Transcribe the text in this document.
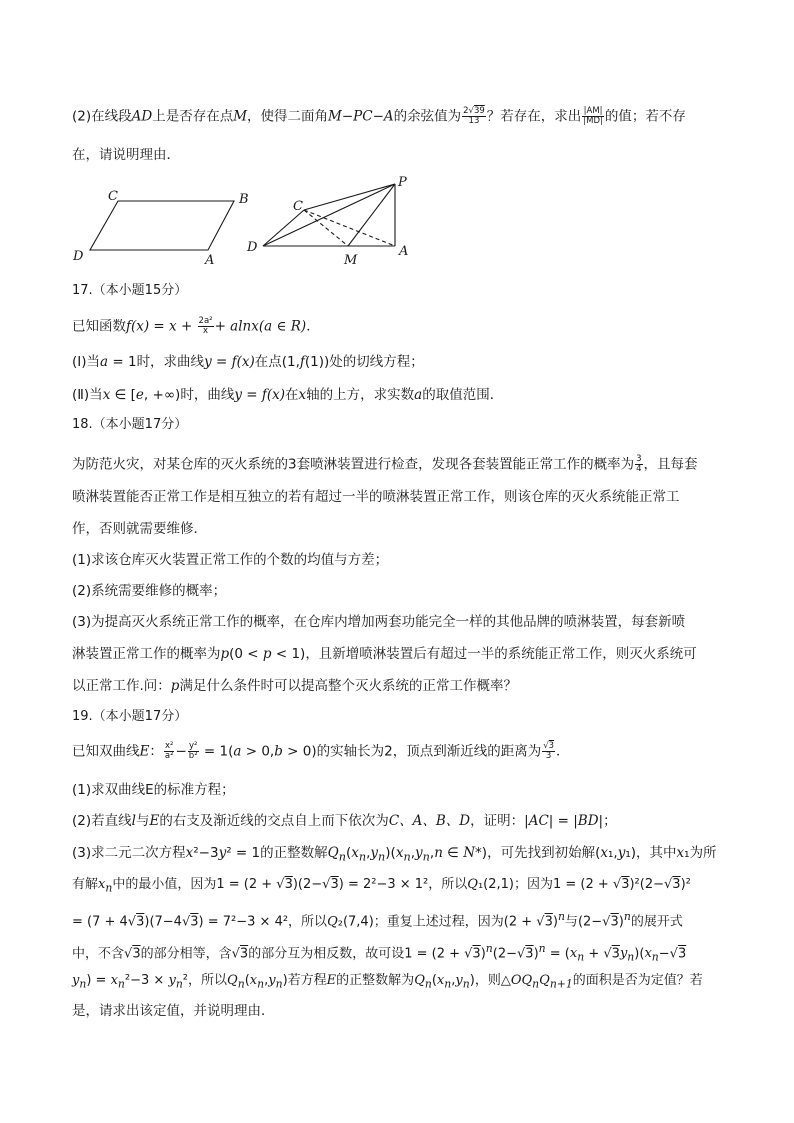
(2)在线段AD上是否存在点M，使得二面角M−PC−A的余弦值为 $\frac{2√39}{13}$ ？若存在，求出 $\frac{|AM|}{|MD|}$ 的值；若不存
在，请说明理由．
C	B
D	A
P
C
D
M
A
17.（本小题15分）
已知函数$f(x) = x + \frac{\text{2a²}}{x} + alnx(a$ ∈ R)．
(Ⅰ)当a = 1时，求曲线y = f(x)在点(1,f(1))处的切线方程；
(Ⅱ)当x ∈ [e, +∞)时，曲线y = f(x)在x轴的上方，求实数a的取值范围．
18.（本小题17分）
为防范火灾，对某仓库的灭火系统的3套喷淋装置进行检查，发现各套装置能正常工作的概率为 $\frac{3}{4}$ ，且每套
喷淋装置能否正常工作是相互独立的若有超过一半的喷淋装置正常工作，则该仓库的灭火系统能正常工
作，否则就需要维修．
(1)求该仓库灭火装置正常工作的个数的均值与方差；
(2)系统需要维修的概率；
(3)为提高灭火系统正常工作的概率，在仓库内增加两套功能完全一样的其他品牌的喷淋装置，每套新喷
淋装置正常工作的概率为p(0 < p < 1)，且新增喷淋装置后有超过一半的系统能正常工作，则灭火系统可
以正常工作.问：p满足什么条件时可以提高整个灭火系统的正常工作概率？
19.（本小题17分）
已知双曲线E： $\frac{\text{x²}}{\text{a²}} - \frac{\text{y²}}{\text{b²}} = 1(a > 0,b > 0)$的实轴长为2，顶点到渐近线的距离为 $\frac{√3}{3}$ ．
(1)求双曲线E的标准方程；
(2)若直线l与E的右支及渐近线的交点自上而下依次为C、A、B、D，证明：|AC| = |BD|；
(3)求二元二次方程x²−3y² = 1的正整数解$Q_n(x_n,y_n)(x_n,y_n,n$ ∈ N*)，可先找到初始解(x₁,y₁)，其中x₁为所
有解$x_n$中的最小值，因为1 = (2 + √3)(2−√3) = 2²−3 × 1²，所以Q₁(2,1)；因为1 = (2 + √3)²(2−√3)²
= (7 + 4√3)(7−4√3) = 7²−3 × 4²，所以Q₂(7,4)；重复上述过程，因为$(2 + √3)^n$与$(2-√3)^n$的展开式
中，不含√3的部分相等，含√3的部分互为相反数，故可设$1 = (2 + √3)^n(2-√3)^n = (x_n + √3y_n)(x_n-√3$
$y_n) = x_n^2-3 \times y_n^2$，所以$Q_n(x_n,y_n)$若方程E的正整数解为$Q_n(x_n,y_n)$，则$\triangle OQ_nQ_{n+1}$的面积是否为定值？若
是，请求出该定值，并说明理由．
